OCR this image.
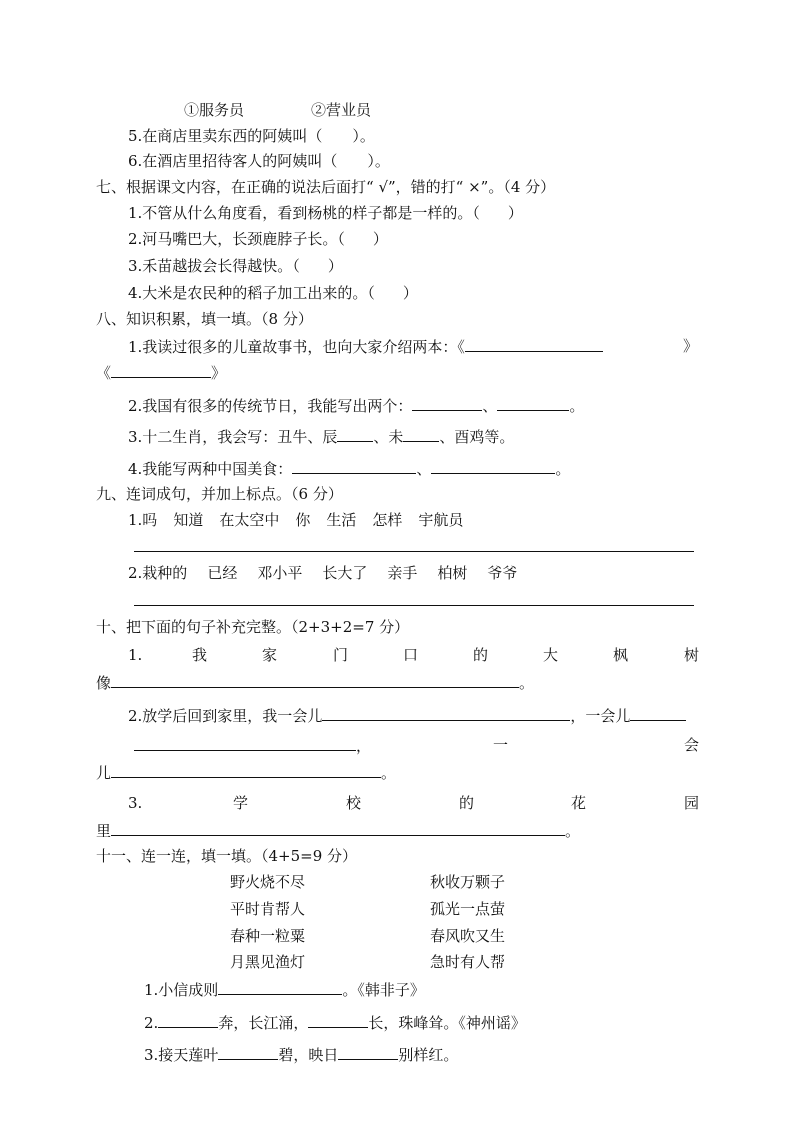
①服务员	②营业员
5.在商店里卖东西的阿姨叫（ ）。
6.在酒店里招待客人的阿姨叫（ ）。
七、根据课文内容，在正确的说法后面打“ √”，错的打“ ×”。（4 分）
1.不管从什么角度看，看到杨桃的样子都是一样的。（ ）
2.河马嘴巴大，长颈鹿脖子长。（ ）
3.禾苗越拔会长得越快。（ ）
4.大米是农民种的稻子加工出来的。（ ）
八、知识积累，填一填。（8 分）
1.我读过很多的儿童故事书，也向大家介绍两本：《	》
《	》
2.我国有很多的传统节日，我能写出两个：	、	。
3.十二生肖，我会写：丑牛、辰 、未 、酉鸡等。
4.我能写两种中国美食：	、	。
九、连词成句，并加上标点。（6 分）
1.吗 知道 在太空中 你 生活 怎样 宇航员
2.栽种的 已经 邓小平 长大了 亲手 柏树 爷爷
十、把下面的句子补充完整。（2+3+2=7 分）
1.	我	家	门	口	的	大	枫	树
像	。
2.放学后回到家里，我一会儿	，一会儿
，	一	会
儿	。
3.	学	校	的	花	园
里	。
十一、连一连，填一填。（4+5=9 分）
野火烧不尽	秋收万颗子
平时肯帮人	孤光一点萤
春种一粒粟	春风吹又生
月黑见渔灯	急时有人帮
1.小信成则	。《韩非子》
2.	奔，长江涌，	长，珠峰耸。《神州谣》
3.接天莲叶	碧，映日	别样红。
